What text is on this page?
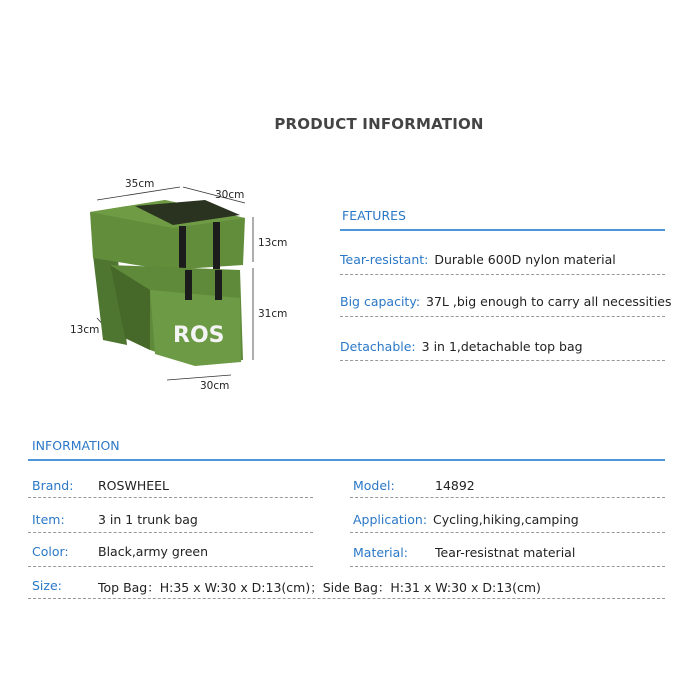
PRODUCT INFORMATION
ROS
35cm
30cm
13cm
31cm
13cm
30cm
FEATURES
Tear-resistant: Durable 600D nylon material
Big capacity: 37L ,big enough to carry all necessities
Detachable: 3 in 1,detachable top bag
INFORMATION
Brand: ROSWHEEL	Model:	14892
Item:	3 in 1 trunk bag	Application: Cycling,hiking,camping
Color: Black,army green	Material: Tear-resistnat material
Size:	Top Bag：H:35 x W:30 x D:13(cm)；Side Bag：H:31 x W:30 x D:13(cm)
